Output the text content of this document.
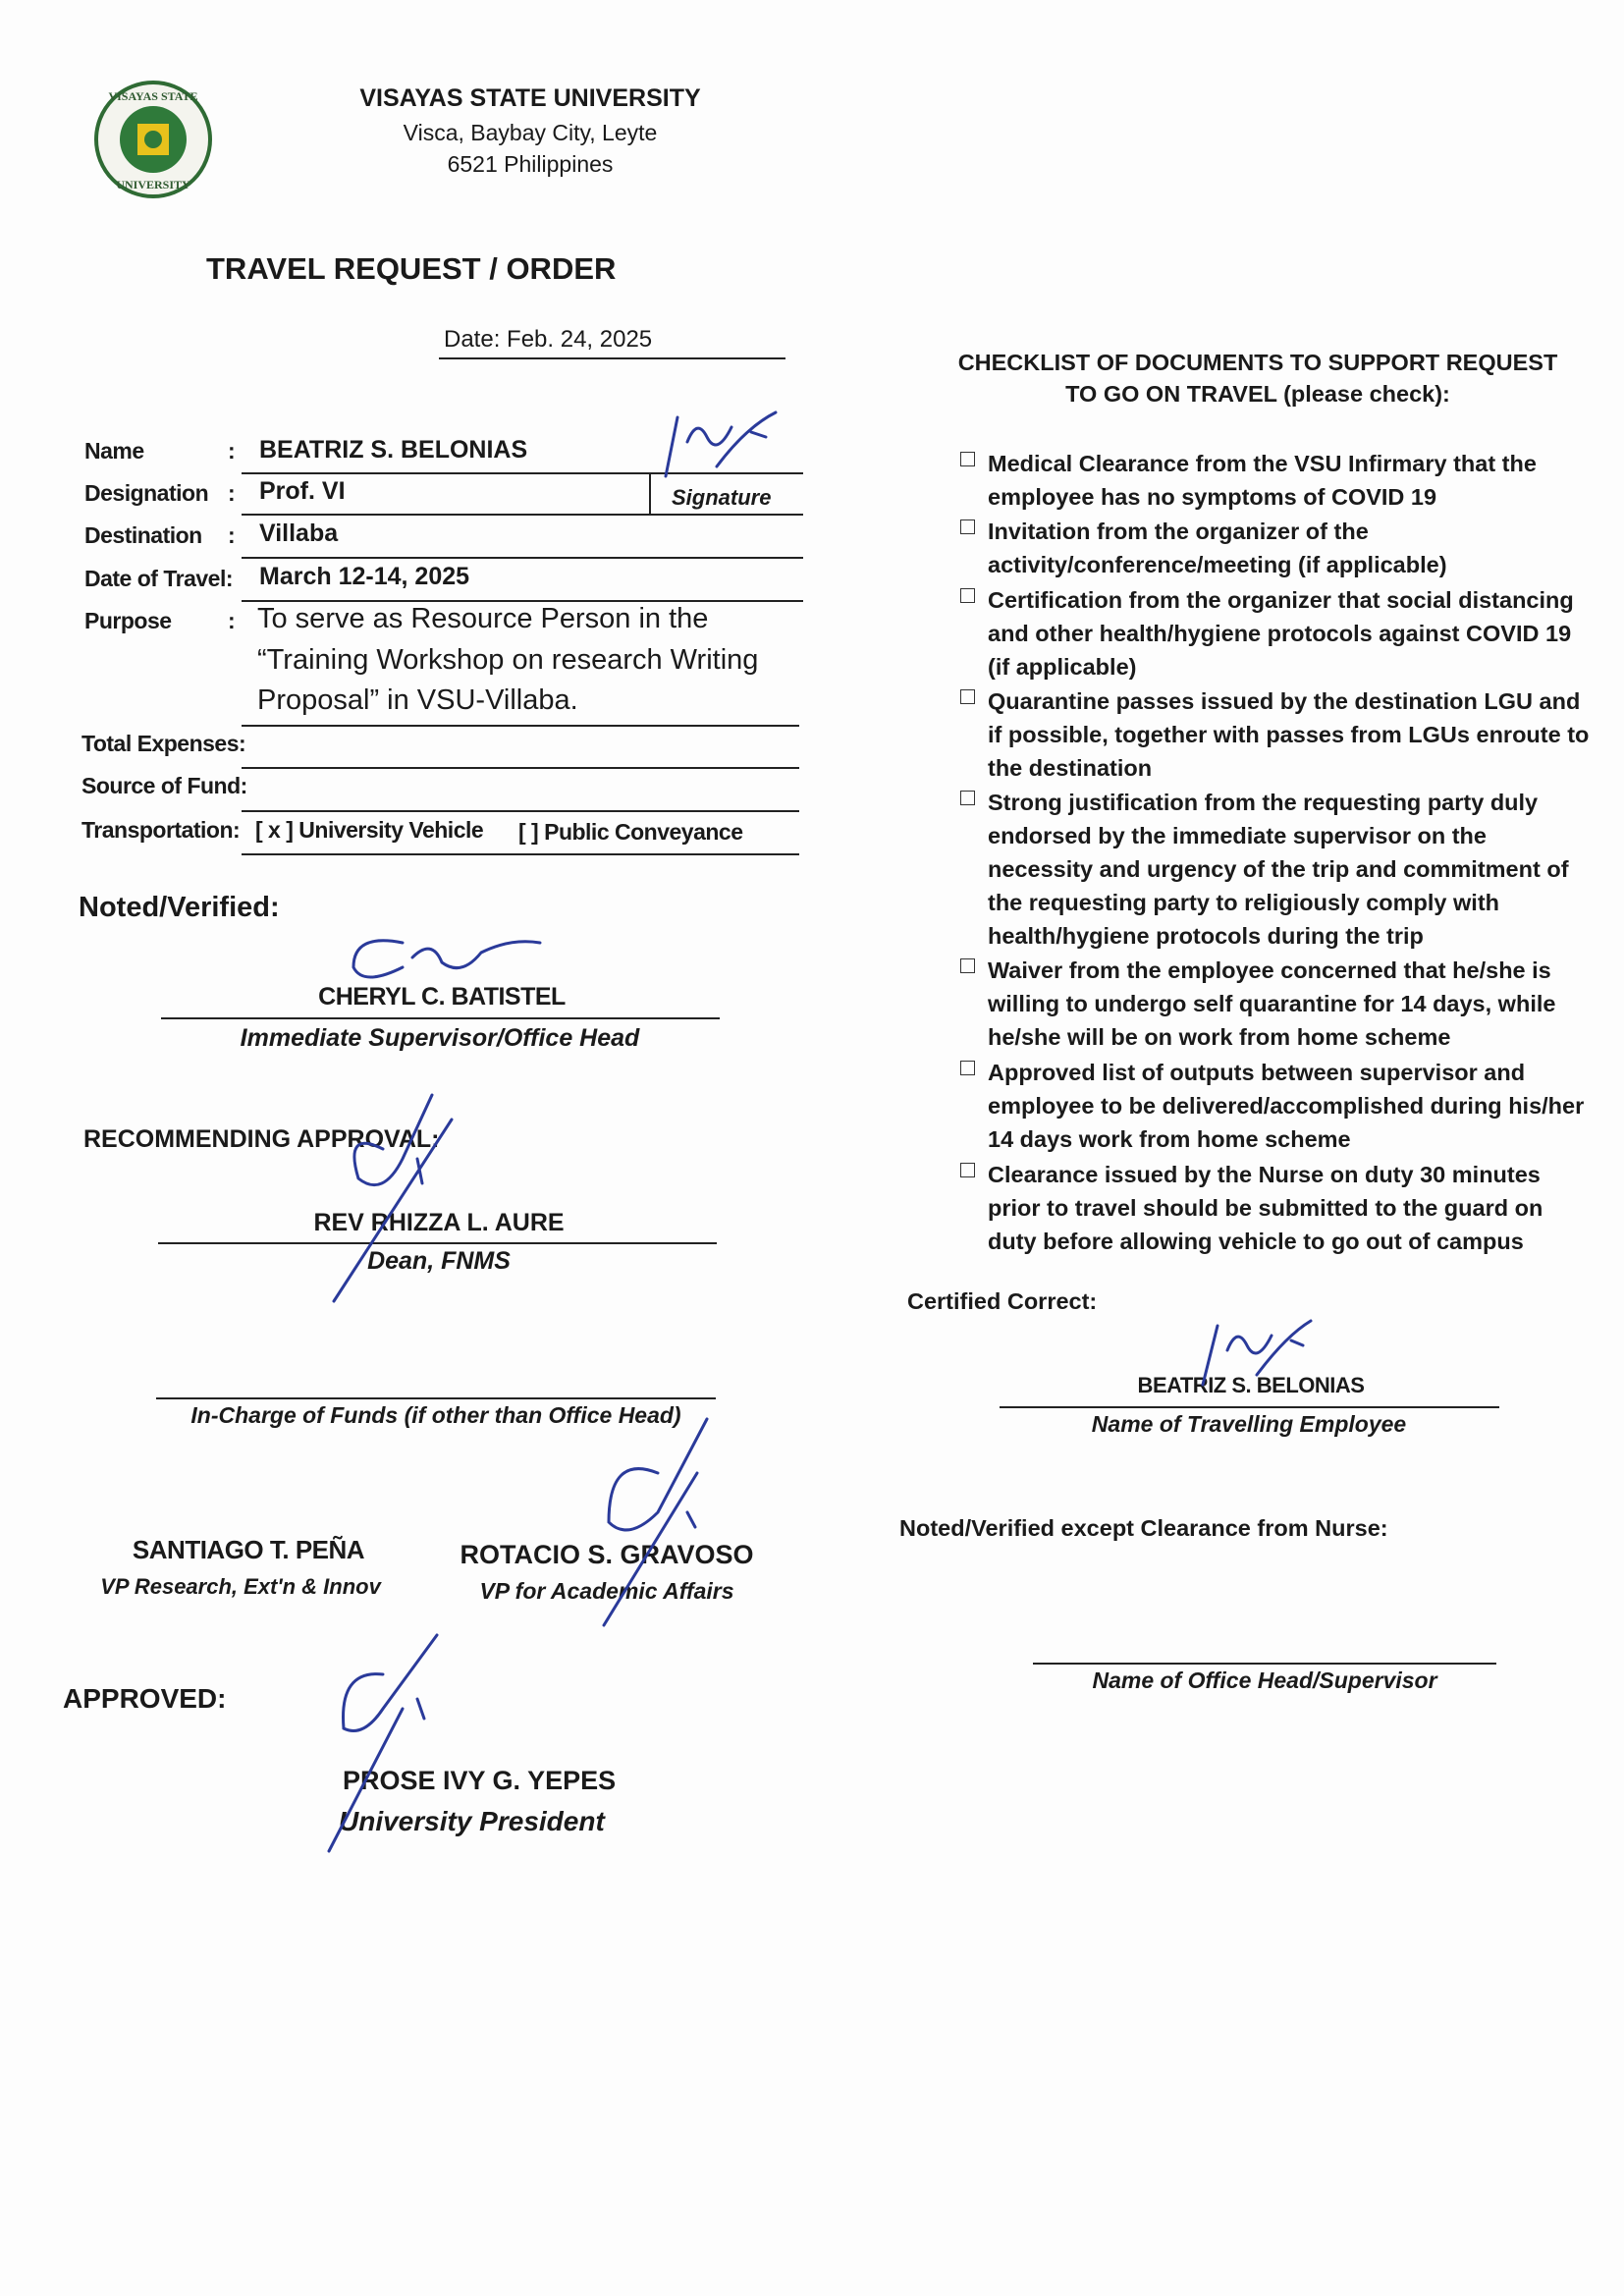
VISAYAS STATE
UNIVERSITY
VISAYAS STATE UNIVERSITY
Visca, Baybay City, Leyte
6521 Philippines
TRAVEL REQUEST / ORDER
Date: Feb. 24, 2025
Name	: BEATRIZ S. BELONIAS
Designation : Prof. VI	Signature
Destination : Villaba
Date of Travel: March 12-14, 2025
Purpose : To serve as Resource Person in the
“Training Workshop on research Writing
Proposal” in VSU-Villaba.
Total Expenses:
Source of Fund:
Transportation: [ x ] University Vehicle [ ] Public Conveyance
Noted/Verified:
CHERYL C. BATISTEL
Immediate Supervisor/Office Head
RECOMMENDING APPROVAL:
REV RHIZZA L. AURE
Dean, FNMS
In-Charge of Funds (if other than Office Head)
SANTIAGO T. PEÑA
VP Research, Ext'n & Innov
ROTACIO S. GRAVOSO
VP for Academic Affairs
APPROVED:
PROSE IVY G. YEPES
University President
CHECKLIST OF DOCUMENTS TO SUPPORT REQUEST
TO GO ON TRAVEL (please check):
Medical Clearance from the VSU Infirmary that the employee has no symptoms of COVID 19
Invitation from the organizer of the activity/conference/meeting (if applicable)
Certification from the organizer that social distancing and other health/hygiene protocols against COVID 19 (if applicable)
Quarantine passes issued by the destination LGU and if possible, together with passes from LGUs enroute to the destination
Strong justification from the requesting party duly endorsed by the immediate supervisor on the necessity and urgency of the trip and commitment of the requesting party to religiously comply with health/hygiene protocols during the trip
Waiver from the employee concerned that he/she is willing to undergo self quarantine for 14 days, while he/she will be on work from home scheme
Approved list of outputs between supervisor and employee to be delivered/accomplished during his/her 14 days work from home scheme
Clearance issued by the Nurse on duty 30 minutes prior to travel should be submitted to the guard on duty before allowing vehicle to go out of campus
Certified Correct:
BEATRIZ S. BELONIAS
Name of Travelling Employee
Noted/Verified except Clearance from Nurse:
Name of Office Head/Supervisor
